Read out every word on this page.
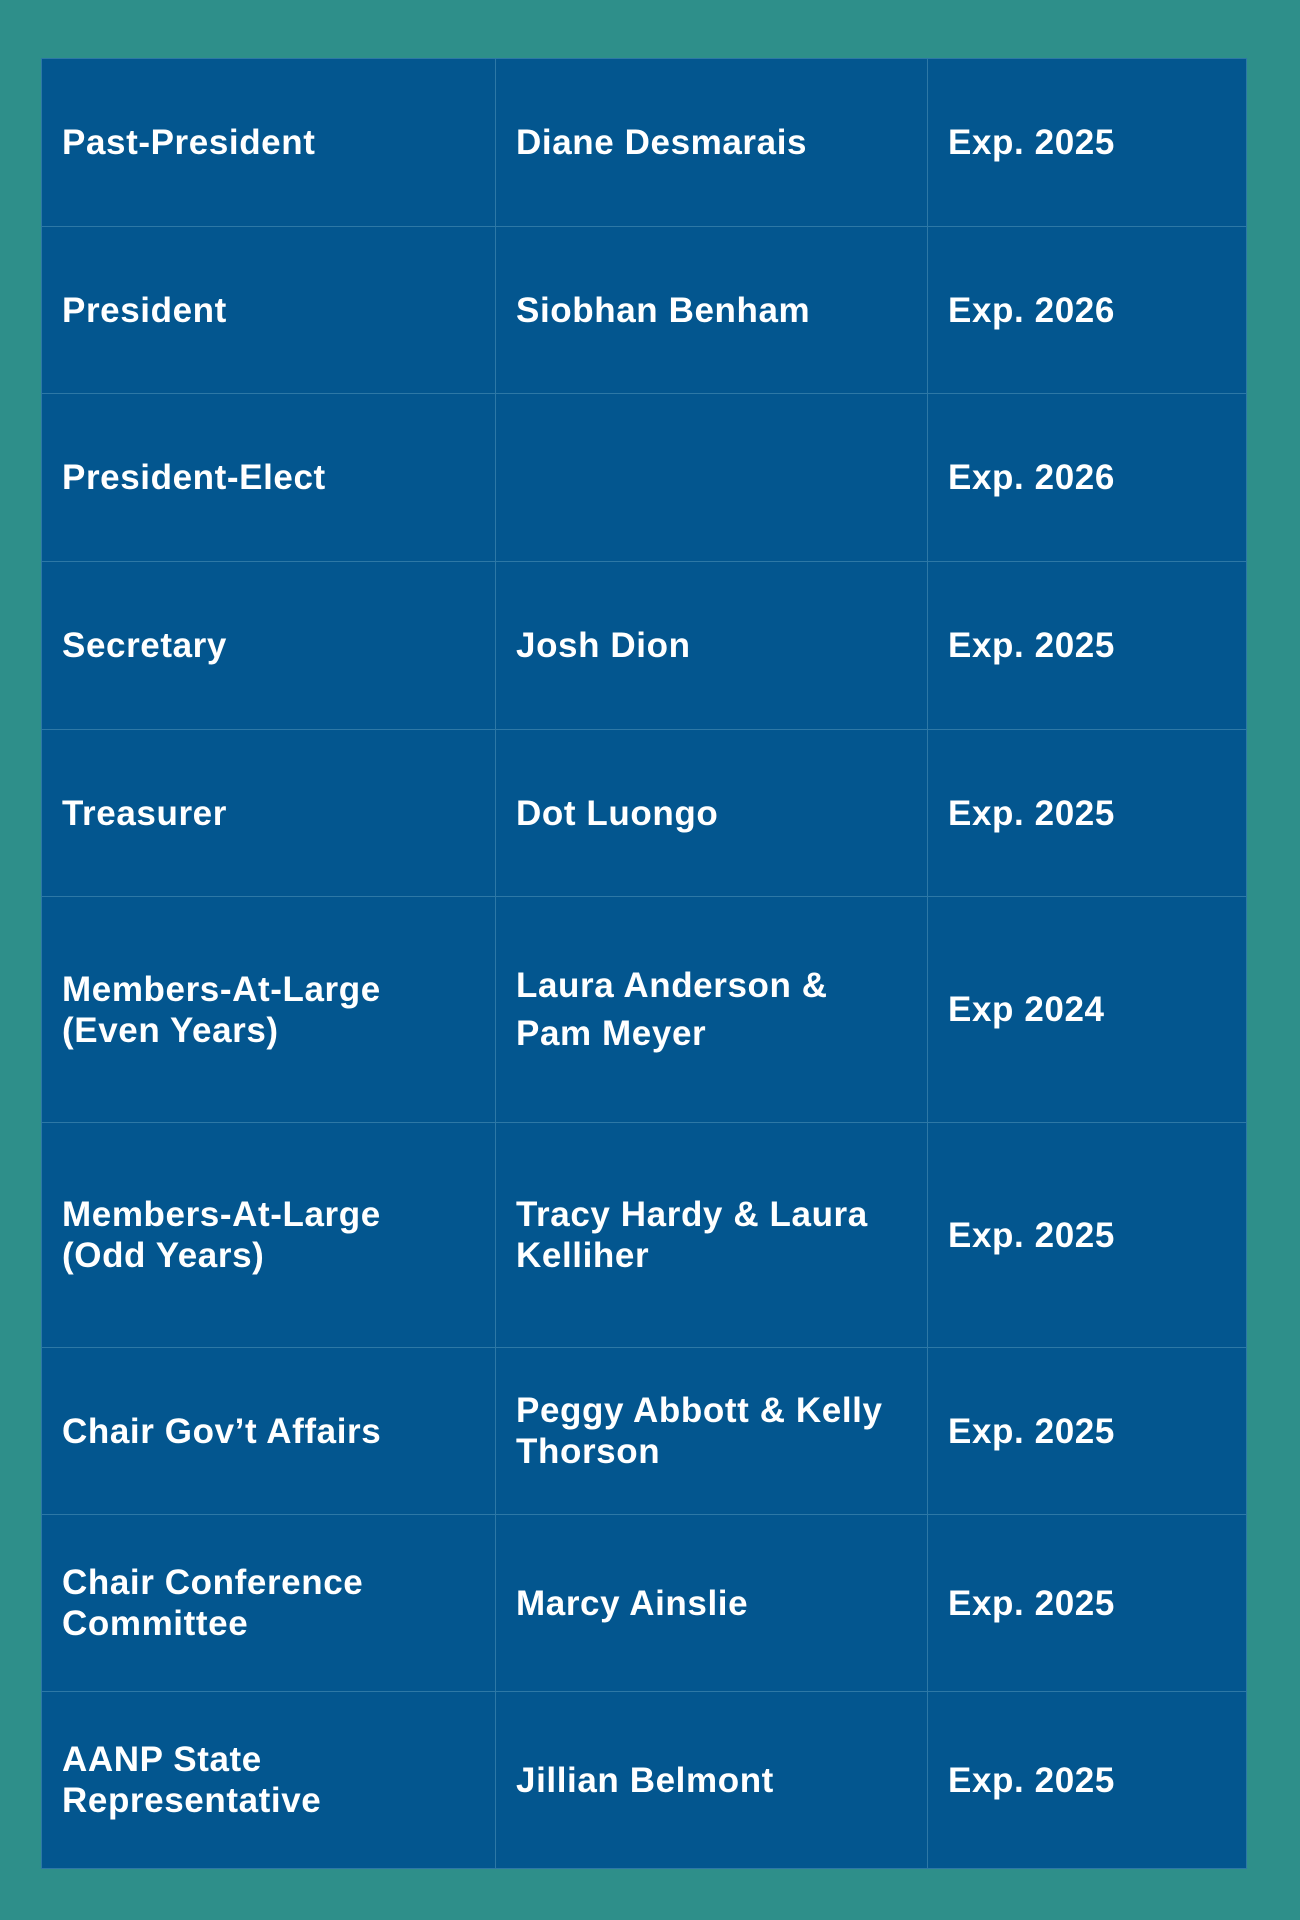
Past-President	Diane Desmarais	Exp. 2025
President	Siobhan Benham	Exp. 2026
President-Elect		Exp. 2026
Secretary	Josh Dion	Exp. 2025
Treasurer	Dot Luongo	Exp. 2025
Members-At-Large (Even Years)	Laura Anderson & Pam Meyer	Exp 2024
Members-At-Large (Odd Years)	Tracy Hardy & Laura Kelliher	Exp. 2025
Chair Gov’t Affairs	Peggy Abbott & Kelly Thorson	Exp. 2025
Chair Conference Committee	Marcy Ainslie	Exp. 2025
AANP State Representative	Jillian Belmont	Exp. 2025
